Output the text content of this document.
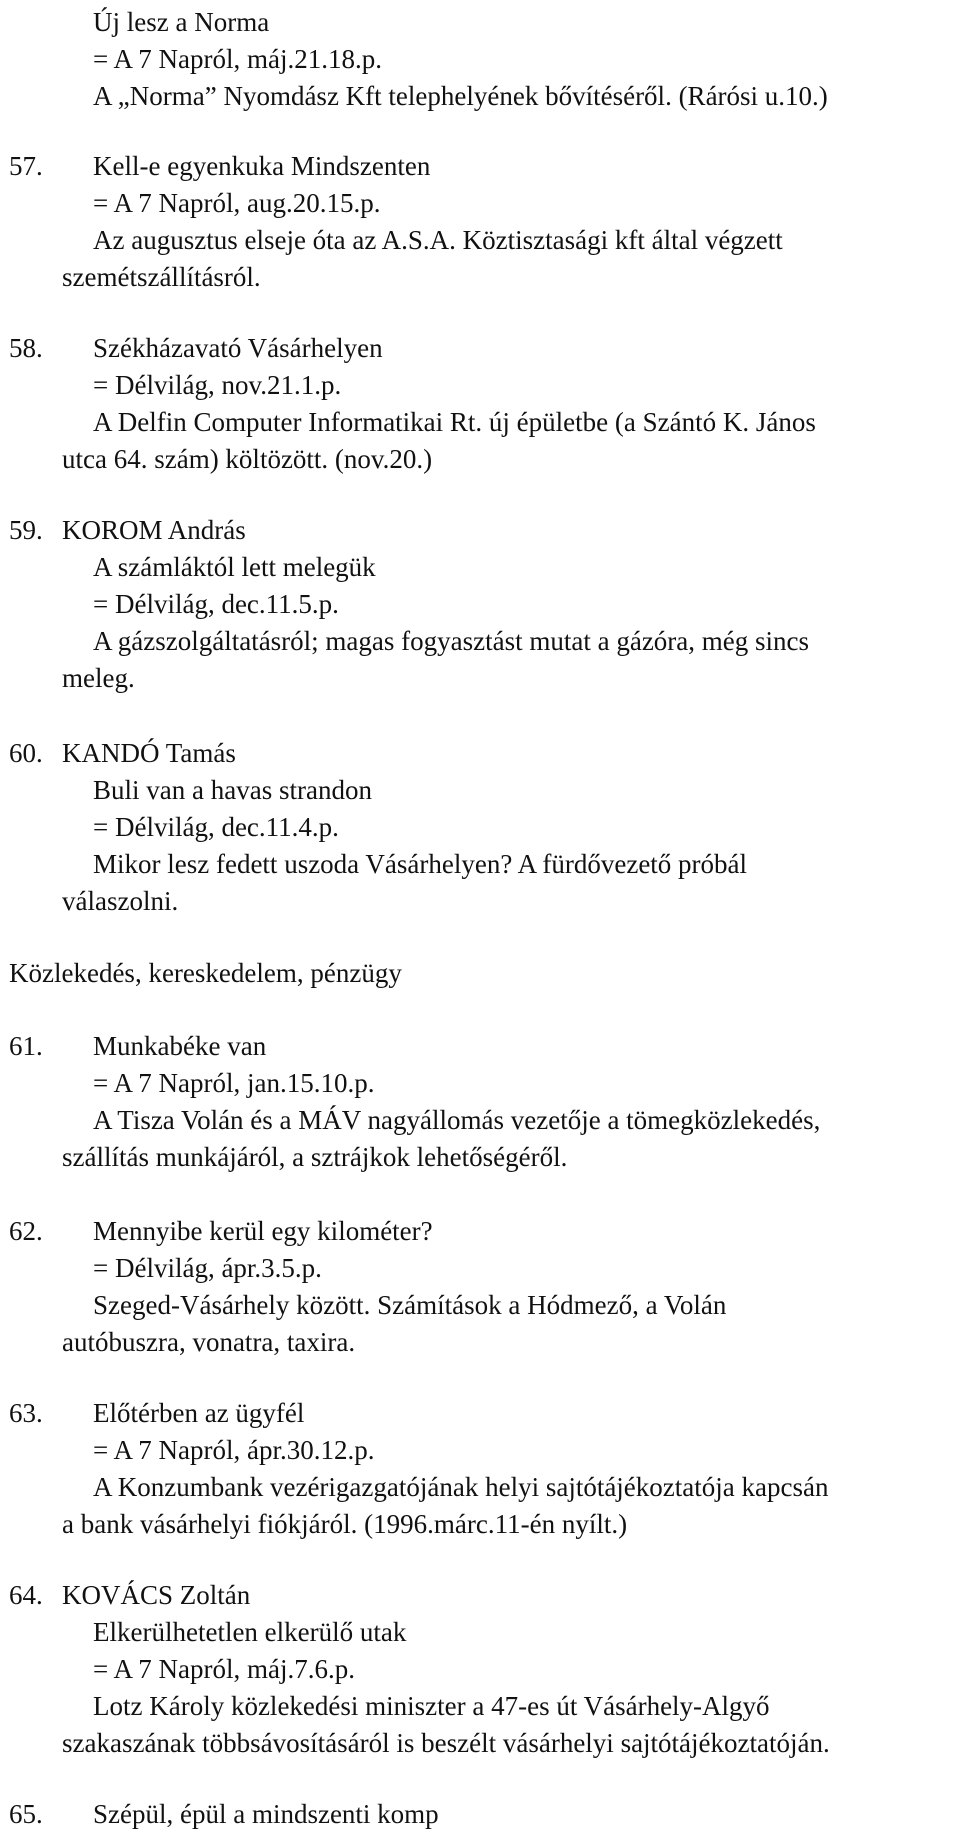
Új lesz a Norma
= A 7 Napról, máj.21.18.p.
A „Norma” Nyomdász Kft telephelyének bővítéséről. (Rárósi u.10.)
57. Kell-e egyenkuka Mindszenten
= A 7 Napról, aug.20.15.p.
Az augusztus elseje óta az A.S.A. Köztisztasági kft által végzett
szemétszállításról.
58. Székházavató Vásárhelyen
= Délvilág, nov.21.1.p.
A Delfin Computer Informatikai Rt. új épületbe (a Szántó K. János
utca 64. szám) költözött. (nov.20.)
59. KOROM András
A számláktól lett melegük
= Délvilág, dec.11.5.p.
A gázszolgáltatásról; magas fogyasztást mutat a gázóra, még sincs
meleg.
60. KANDÓ Tamás
Buli van a havas strandon
= Délvilág, dec.11.4.p.
Mikor lesz fedett uszoda Vásárhelyen? A fürdővezető próbál
válaszolni.
Közlekedés, kereskedelem, pénzügy
61. Munkabéke van
= A 7 Napról, jan.15.10.p.
A Tisza Volán és a MÁV nagyállomás vezetője a tömegközlekedés,
szállítás munkájáról, a sztrájkok lehetőségéről.
62. Mennyibe kerül egy kilométer?
= Délvilág, ápr.3.5.p.
Szeged-Vásárhely között. Számítások a Hódmező, a Volán
autóbuszra, vonatra, taxira.
63. Előtérben az ügyfél
= A 7 Napról, ápr.30.12.p.
A Konzumbank vezérigazgatójának helyi sajtótájékoztatója kapcsán
a bank vásárhelyi fiókjáról. (1996.márc.11-én nyílt.)
64. KOVÁCS Zoltán
Elkerülhetetlen elkerülő utak
= A 7 Napról, máj.7.6.p.
Lotz Károly közlekedési miniszter a 47-es út Vásárhely-Algyő
szakaszának többsávosításáról is beszélt vásárhelyi sajtótájékoztatóján.
65. Szépül, épül a mindszenti komp
